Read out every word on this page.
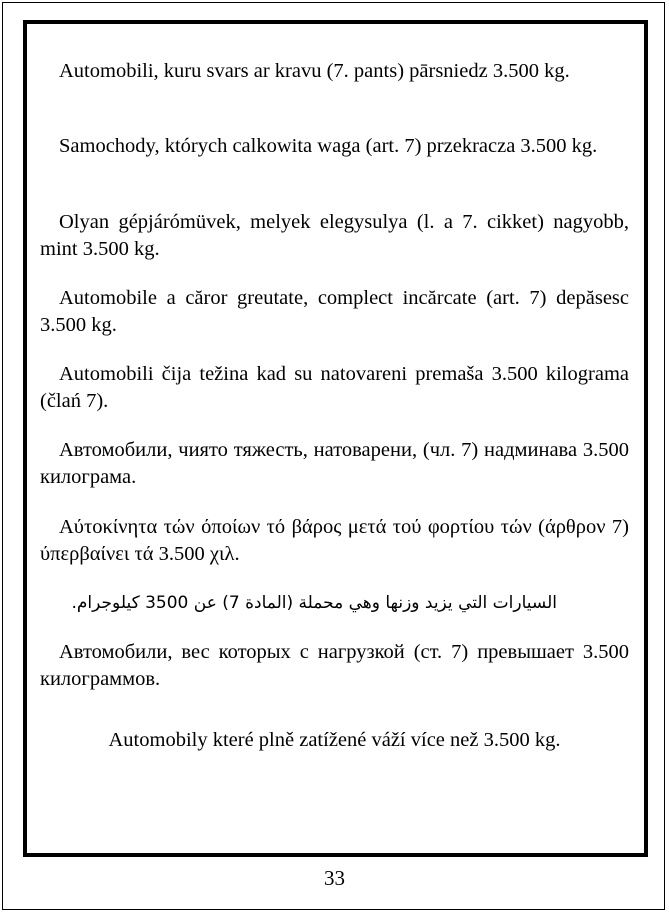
Automobili, kuru svars ar kravu (7. pants) pārsniedz 3.500 kg.

Samochody, których calkowita waga (art. 7) przekracza 3.500 kg.

Olyan gépjárómüvek, melyek elegysulya (l. a 7. cikket) nagyobb, mint 3.500 kg.

Automobile a căror greutate, complect incărcate (art. 7) depăsesc 3.500 kg.

Automobili čija težina kad su natovareni premaša 3.500 kilograma (člań 7).

Автомобили, чиято тяжесть, натоварени, (чл. 7) надминава 3.500 килограма.

Αύτοκίνητα τών όποίων τό βάρος μετά τού φορτίου τών (άρθρον 7) ύπερβαίνει τά 3.500 χιλ.

السيارات التي يزيد وزنها وهي محملة (المادة 7) عن 3500 كيلوجرام.

Автомобили, вес которых с нагрузкой (ст. 7) превышает 3.500 килограммов.

Automobily které plně zatížené váží více než 3.500 kg.

33
